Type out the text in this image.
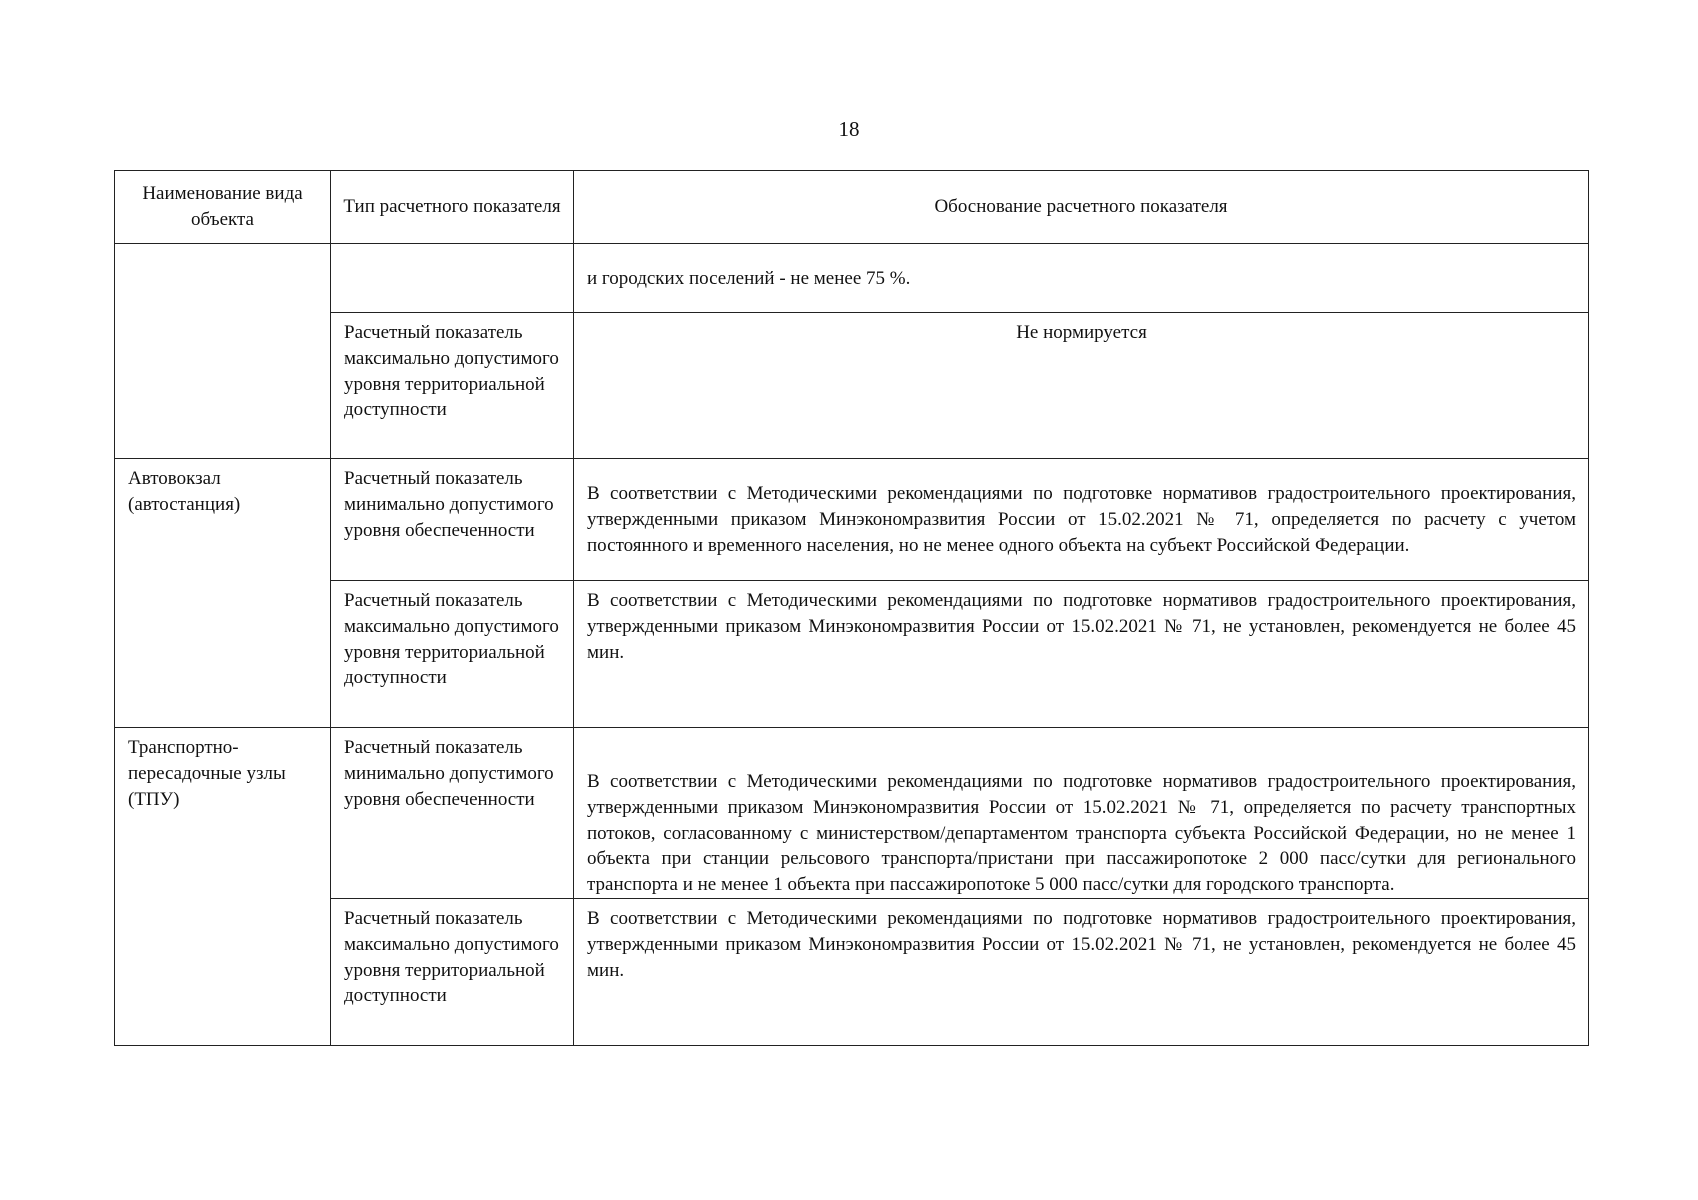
18
Наименование вида объекта	Тип расчетного показателя	Обоснование расчетного показателя
		и городских поселений - не менее 75 %.
	Расчетный показатель максимально допустимого уровня территориальной доступности	Не нормируется
Автовокзал (автостанция)	Расчетный показатель минимально допустимого уровня обеспеченности	В соответствии с Методическими рекомендациями по подготовке нормативов градостроительного проектирования, утвержденными приказом Минэкономразвития России от 15.02.2021 № 71, определяется по расчету с учетом постоянного и временного населения, но не менее одного объекта на субъект Российской Федерации.
	Расчетный показатель максимально допустимого уровня территориальной доступности	В соответствии с Методическими рекомендациями по подготовке нормативов градостроительного проектирования, утвержденными приказом Минэкономразвития России от 15.02.2021 № 71, не установлен, рекомендуется не более 45 мин.
Транспортно-пересадочные узлы (ТПУ)	Расчетный показатель минимально допустимого уровня обеспеченности	В соответствии с Методическими рекомендациями по подготовке нормативов градостроительного проектирования, утвержденными приказом Минэкономразвития России от 15.02.2021 № 71, определяется по расчету транспортных потоков, согласованному с министерством/департаментом транспорта субъекта Российской Федерации, но не менее 1 объекта при станции рельсового транспорта/пристани при пассажиропотоке 2 000 пасс/сутки для регионального транспорта и не менее 1 объекта при пассажиропотоке 5 000 пасс/сутки для городского транспорта.
	Расчетный показатель максимально допустимого уровня территориальной доступности	В соответствии с Методическими рекомендациями по подготовке нормативов градостроительного проектирования, утвержденными приказом Минэкономразвития России от 15.02.2021 № 71, не установлен, рекомендуется не более 45 мин.
